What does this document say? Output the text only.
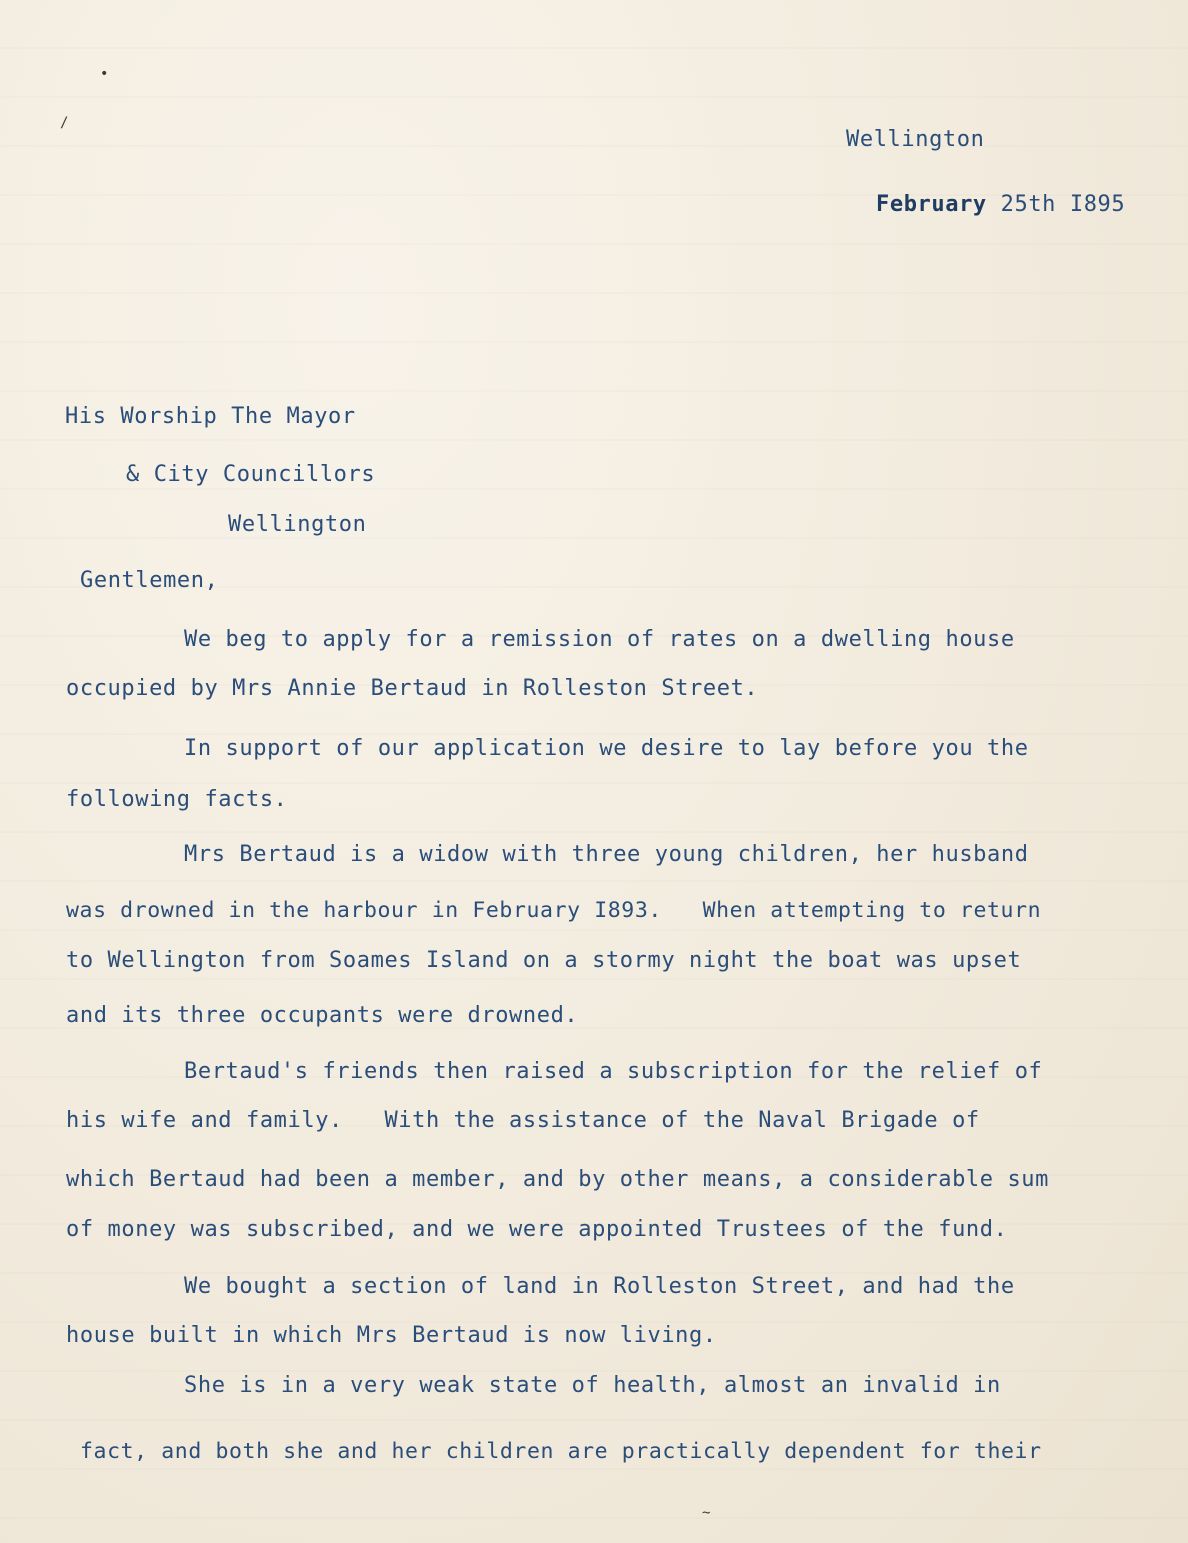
•
/
Wellington
February 25th I895
His Worship The Mayor
& City Councillors
Wellington
Gentlemen,
We beg to apply for a remission of rates on a dwelling house
occupied by Mrs Annie Bertaud in Rolleston Street.
In support of our application we desire to lay before you the
following facts.
Mrs Bertaud is a widow with three young children, her husband
was drowned in the harbour in February I893.   When attempting to return
to Wellington from Soames Island on a stormy night the boat was upset
and its three occupants were drowned.
Bertaud's friends then raised a subscription for the relief of
his wife and family.   With the assistance of the Naval Brigade of
which Bertaud had been a member, and by other means, a considerable sum
of money was subscribed, and we were appointed Trustees of the fund.
We bought a section of land in Rolleston Street, and had the
house built in which Mrs Bertaud is now living.
She is in a very weak state of health, almost an invalid in
fact, and both she and her children are practically dependent for their
~
